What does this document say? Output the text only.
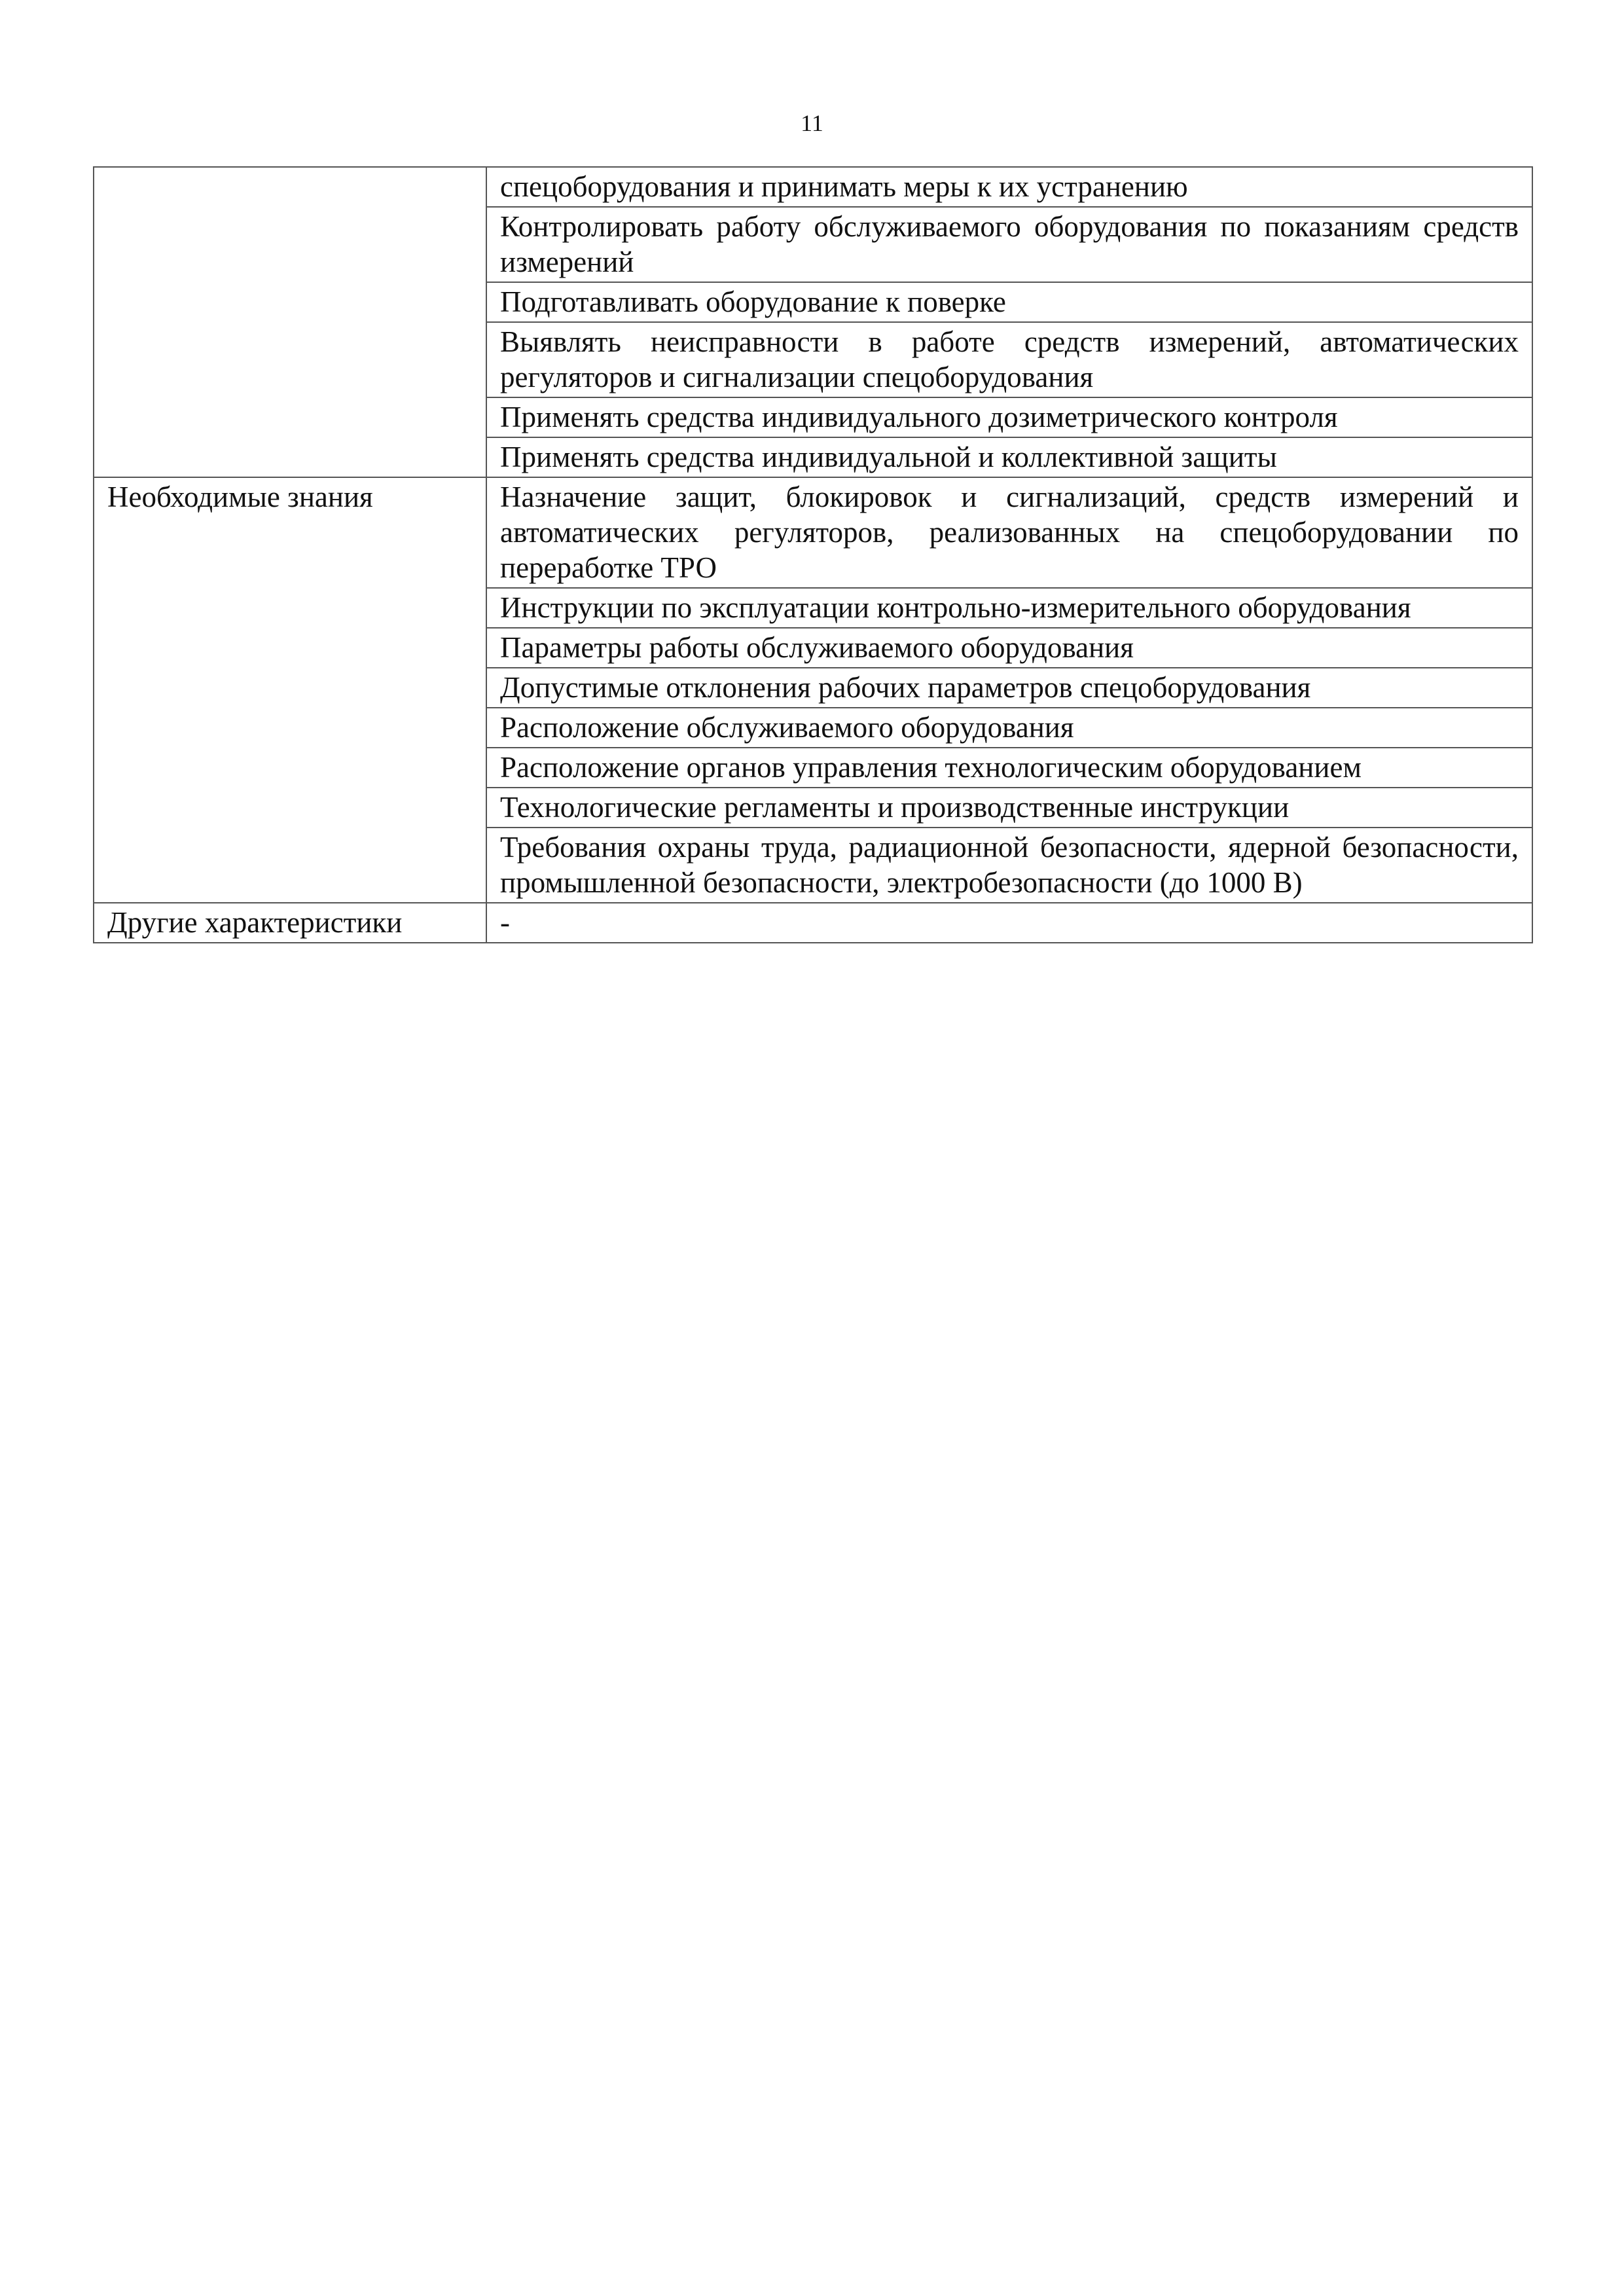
11
	спецоборудования и принимать меры к их устранению
	Контролировать работу обслуживаемого оборудования по показаниям средств измерений
	Подготавливать оборудование к поверке
	Выявлять неисправности в работе средств измерений, автоматических регуляторов и сигнализации спецоборудования
	Применять средства индивидуального дозиметрического контроля
	Применять средства индивидуальной и коллективной защиты
Необходимые знания	Назначение защит, блокировок и сигнализаций, средств измерений и автоматических регуляторов, реализованных на спецоборудовании по переработке ТРО
	Инструкции по эксплуатации контрольно-измерительного оборудования
	Параметры работы обслуживаемого оборудования
	Допустимые отклонения рабочих параметров спецоборудования
	Расположение обслуживаемого оборудования
	Расположение органов управления технологическим оборудованием
	Технологические регламенты и производственные инструкции
	Требования охраны труда, радиационной безопасности, ядерной безопасности, промышленной безопасности, электробезопасности (до 1000 В)
Другие характеристики	-
